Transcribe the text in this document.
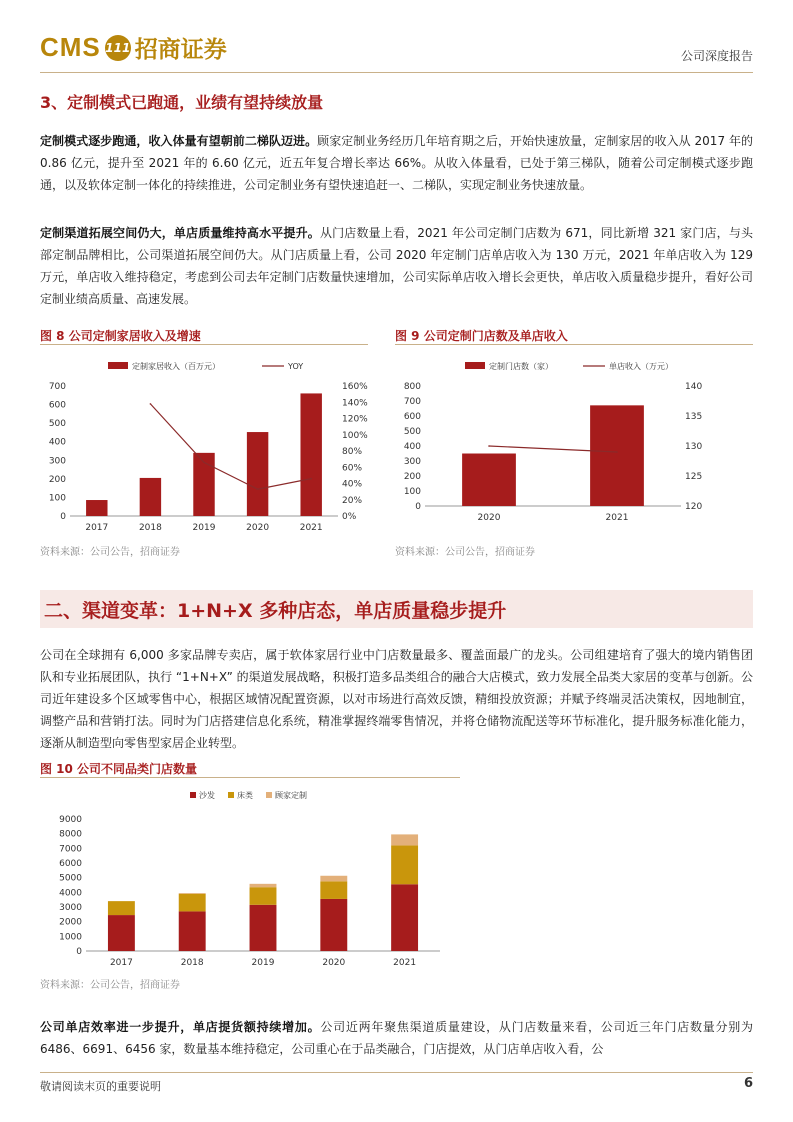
CMS 111 招商证券	公司深度报告
3、定制模式已跑通，业绩有望持续放量
定制模式逐步跑通，收入体量有望朝前二梯队迈进。顾家定制业务经历几年培育期之后，开始快速放量，定制家居的收入从 2017 年的 0.86 亿元，提升至 2021 年的 6.60 亿元，近五年复合增长率达 66%。从收入体量看，已处于第三梯队，随着公司定制模式逐步跑通，以及软体定制一体化的持续推进，公司定制业务有望快速追赶一、二梯队，实现定制业务快速放量。
定制渠道拓展空间仍大，单店质量维持高水平提升。从门店数量上看，2021 年公司定制门店数为 671，同比新增 321 家门店，与头部定制品牌相比，公司渠道拓展空间仍大。从门店质量上看，公司 2020 年定制门店单店收入为 130 万元，2021 年单店收入为 129 万元，单店收入维持稳定，考虑到公司去年定制门店数量快速增加，公司实际单店收入增长会更快，单店收入质量稳步提升，看好公司定制业绩高质量、高速发展。
图 8 公司定制家居收入及增速
0
100
200
300
400
500
600
700
0%
20%
40%
60%
80%
100%
120%
140%
160%
2017	2018	2019	2020	2021
定制家居收入（百万元）	YOY
资料来源：公司公告，招商证券
图 9 公司定制门店数及单店收入
0
100
200
300
400
500
600
700
800
120
125
130
135
140
2020	2021
定制门店数（家）	单店收入（万元）
资料来源：公司公告，招商证券
二、渠道变革：1+N+X 多种店态，单店质量稳步提升
公司在全球拥有 6,000 多家品牌专卖店，属于软体家居行业中门店数量最多、覆盖面最广的龙头。公司组建培育了强大的境内销售团队和专业拓展团队，执行 “1+N+X” 的渠道发展战略，积极打造多品类组合的融合大店模式，致力发展全品类大家居的变革与创新。公司近年建设多个区域零售中心，根据区域情况配置资源，以对市场进行高效反馈，精细投放资源；并赋予终端灵活决策权，因地制宜，调整产品和营销打法。同时为门店搭建信息化系统，精准掌握终端零售情况，并将仓储物流配送等环节标准化，提升服务标准化能力，逐渐从制造型向零售型家居企业转型。
图 10 公司不同品类门店数量
0
1000
2000
3000
4000
5000
6000
7000
8000
9000
2017	2018	2019	2020	2021
沙发	床类	顾家定制
资料来源：公司公告，招商证券
公司单店效率进一步提升，单店提货额持续增加。公司近两年聚焦渠道质量建设，从门店数量来看，公司近三年门店数量分别为 6486、6691、6456 家，数量基本维持稳定，公司重心在于品类融合，门店提效，从门店单店收入看，公
敬请阅读末页的重要说明	6
